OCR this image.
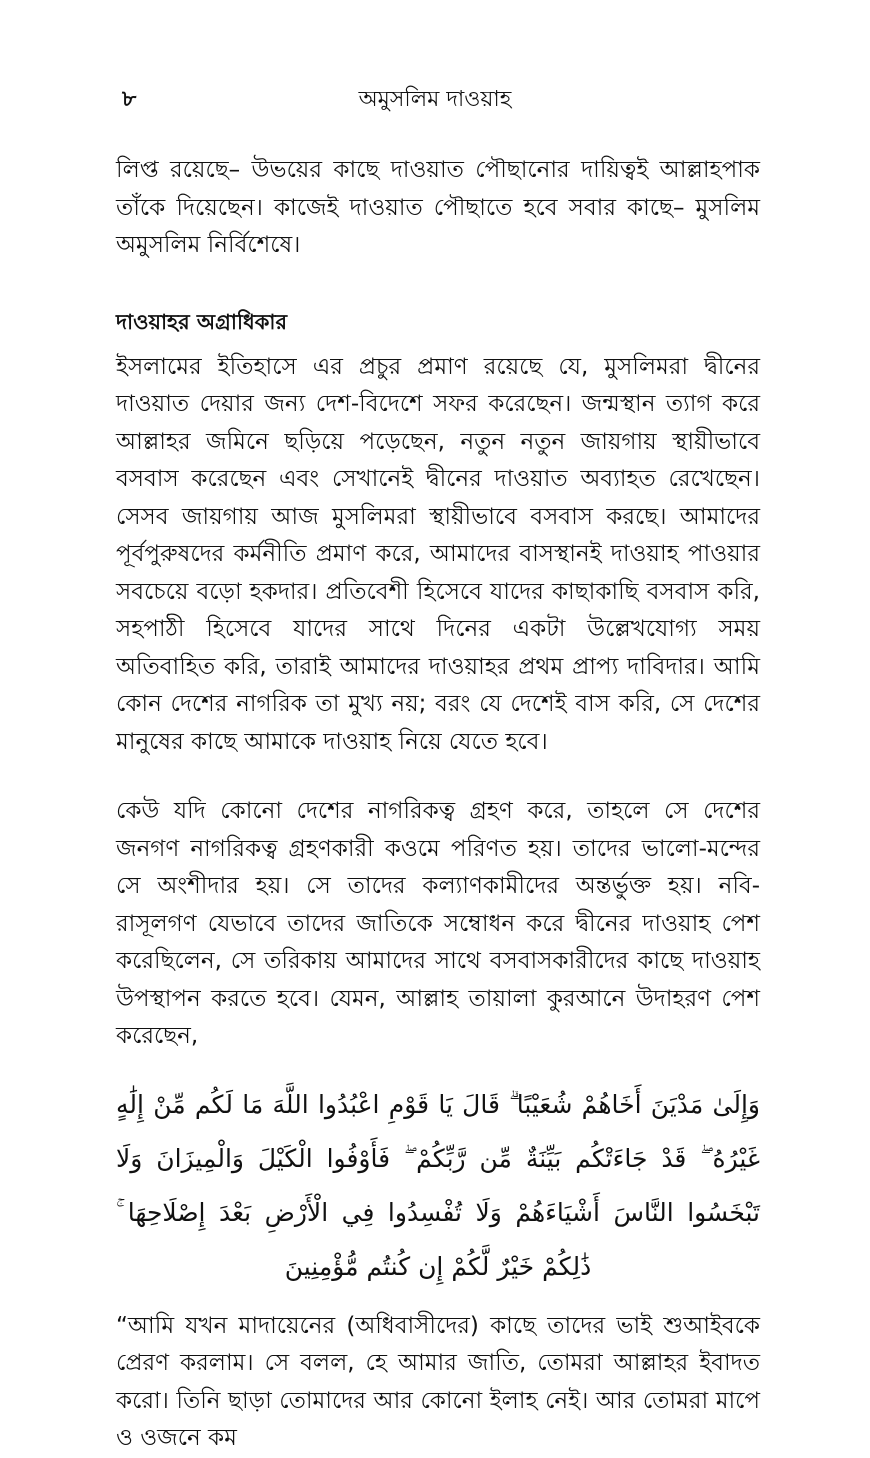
৮	অমুসলিম দাওয়াহ

লিপ্ত রয়েছে– উভয়ের কাছে দাওয়াত পৌছানোর দায়িত্বই আল্লাহপাক তাঁকে দিয়েছেন। কাজেই দাওয়াত পৌছাতে হবে সবার কাছে– মুসলিম অমুসলিম নির্বিশেষে।

দাওয়াহর অগ্রাধিকার

ইসলামের ইতিহাসে এর প্রচুর প্রমাণ রয়েছে যে, মুসলিমরা দ্বীনের দাওয়াত দেয়ার জন্য দেশ-বিদেশে সফর করেছেন। জন্মস্থান ত্যাগ করে আল্লাহর জমিনে ছড়িয়ে পড়েছেন, নতুন নতুন জায়গায় স্থায়ীভাবে বসবাস করেছেন এবং সেখানেই দ্বীনের দাওয়াত অব্যাহত রেখেছেন। সেসব জায়গায় আজ মুসলিমরা স্থায়ীভাবে বসবাস করছে। আমাদের পূর্বপুরুষদের কর্মনীতি প্রমাণ করে, আমাদের বাসস্থানই দাওয়াহ পাওয়ার সবচেয়ে বড়ো হকদার। প্রতিবেশী হিসেবে যাদের কাছাকাছি বসবাস করি, সহপাঠী হিসেবে যাদের সাথে দিনের একটা উল্লেখযোগ্য সময় অতিবাহিত করি, তারাই আমাদের দাওয়াহর প্রথম প্রাপ্য দাবিদার। আমি কোন দেশের নাগরিক তা মুখ্য নয়; বরং যে দেশেই বাস করি, সে দেশের মানুষের কাছে আমাকে দাওয়াহ নিয়ে যেতে হবে।

কেউ যদি কোনো দেশের নাগরিকত্ব গ্রহণ করে, তাহলে সে দেশের জনগণ নাগরিকত্ব গ্রহণকারী কওমে পরিণত হয়। তাদের ভালো-মন্দের সে অংশীদার হয়। সে তাদের কল্যাণকামীদের অন্তর্ভুক্ত হয়। নবি-রাসূলগণ যেভাবে তাদের জাতিকে সম্বোধন করে দ্বীনের দাওয়াহ পেশ করেছিলেন, সে তরিকায় আমাদের সাথে বসবাসকারীদের কাছে দাওয়াহ উপস্থাপন করতে হবে। যেমন, আল্লাহ তায়ালা কুরআনে উদাহরণ পেশ করেছেন,

وَإِلَىٰ مَدْيَنَ أَخَاهُمْ شُعَيْبًا ۗ قَالَ يَا قَوْمِ اعْبُدُوا اللَّهَ مَا لَكُم مِّنْ إِلَٰهٍ غَيْرُهُ ۖ قَدْ جَاءَتْكُم بَيِّنَةٌ مِّن رَّبِّكُمْ ۖ فَأَوْفُوا الْكَيْلَ وَالْمِيزَانَ وَلَا تَبْخَسُوا النَّاسَ أَشْيَاءَهُمْ وَلَا تُفْسِدُوا فِي الْأَرْضِ بَعْدَ إِصْلَاحِهَا ۚ ذَٰلِكُمْ خَيْرٌ لَّكُمْ إِن كُنتُم مُّؤْمِنِينَ

“আমি যখন মাদায়েনের (অধিবাসীদের) কাছে তাদের ভাই শুআইবকে প্রেরণ করলাম। সে বলল, হে আমার জাতি, তোমরা আল্লাহর ইবাদত করো। তিনি ছাড়া তোমাদের আর কোনো ইলাহ নেই। আর তোমরা মাপে ও ওজনে কম
